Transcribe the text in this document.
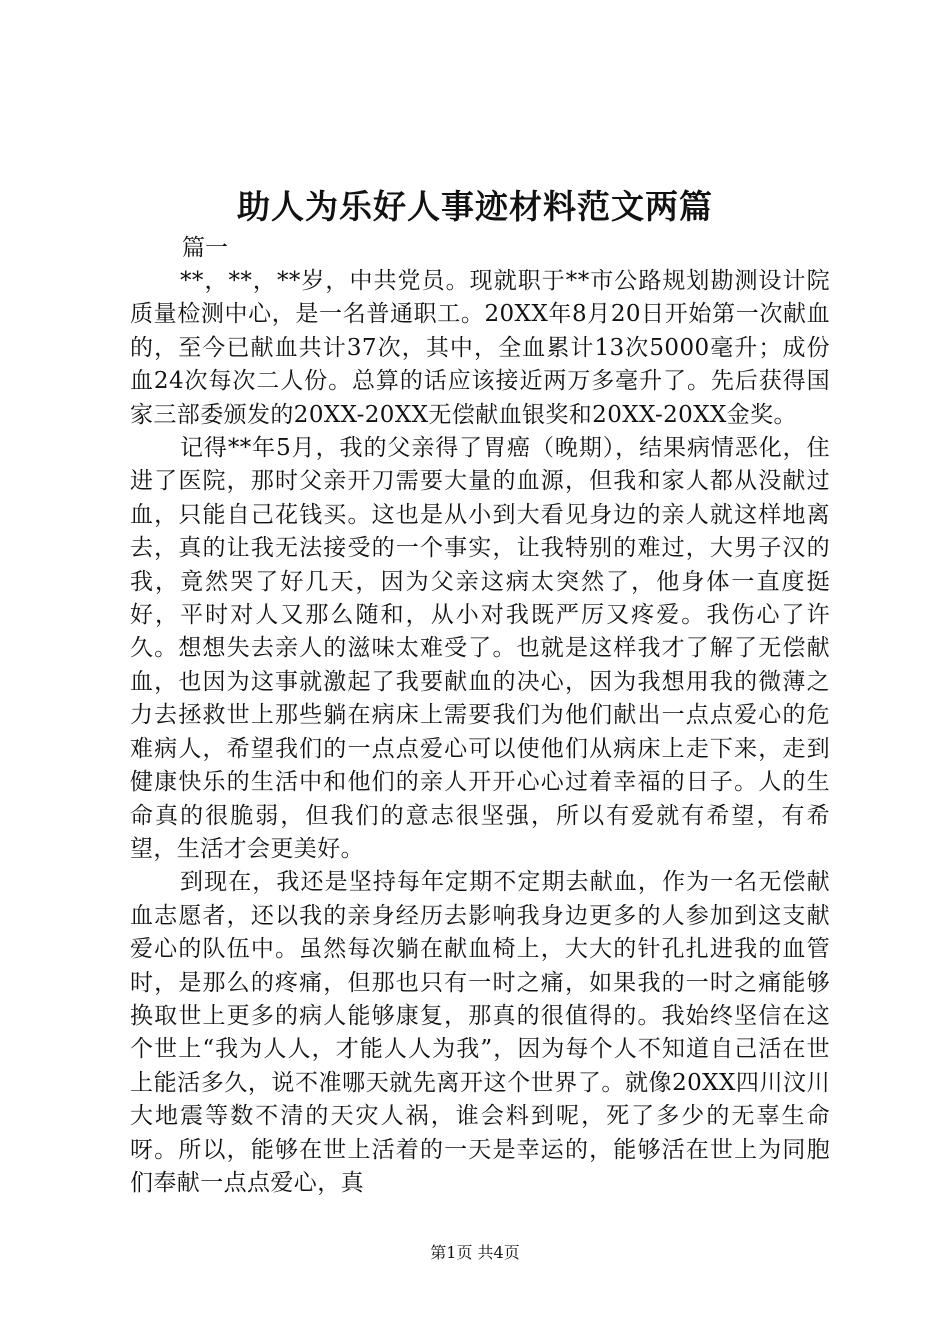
助人为乐好人事迹材料范文两篇

篇一

**，**，**岁，中共党员。现就职于**市公路规划勘测设计院质量检测中心，是一名普通职工。20XX年8月20日开始第一次献血的，至今已献血共计37次，其中，全血累计13次5000毫升；成份血24次每次二人份。总算的话应该接近两万多毫升了。先后获得国家三部委颁发的20XX-20XX无偿献血银奖和20XX-20XX金奖。

记得**年5月，我的父亲得了胃癌（晚期），结果病情恶化，住进了医院，那时父亲开刀需要大量的血源，但我和家人都从没献过血，只能自己花钱买。这也是从小到大看见身边的亲人就这样地离去，真的让我无法接受的一个事实，让我特别的难过，大男子汉的我，竟然哭了好几天，因为父亲这病太突然了，他身体一直度挺好，平时对人又那么随和，从小对我既严厉又疼爱。我伤心了许久。想想失去亲人的滋味太难受了。也就是这样我才了解了无偿献血，也因为这事就激起了我要献血的决心，因为我想用我的微薄之力去拯救世上那些躺在病床上需要我们为他们献出一点点爱心的危难病人，希望我们的一点点爱心可以使他们从病床上走下来，走到健康快乐的生活中和他们的亲人开开心心过着幸福的日子。人的生命真的很脆弱，但我们的意志很坚强，所以有爱就有希望，有希望，生活才会更美好。

到现在，我还是坚持每年定期不定期去献血，作为一名无偿献血志愿者，还以我的亲身经历去影响我身边更多的人参加到这支献爱心的队伍中。虽然每次躺在献血椅上，大大的针孔扎进我的血管时，是那么的疼痛，但那也只有一时之痛，如果我的一时之痛能够换取世上更多的病人能够康复，那真的很值得的。我始终坚信在这个世上“我为人人，才能人人为我”，因为每个人不知道自己活在世上能活多久，说不准哪天就先离开这个世界了。就像20XX四川汶川大地震等数不清的天灾人祸，谁会料到呢，死了多少的无辜生命呀。所以，能够在世上活着的一天是幸运的，能够活在世上为同胞们奉献一点点爱心，真

第1页 共4页
